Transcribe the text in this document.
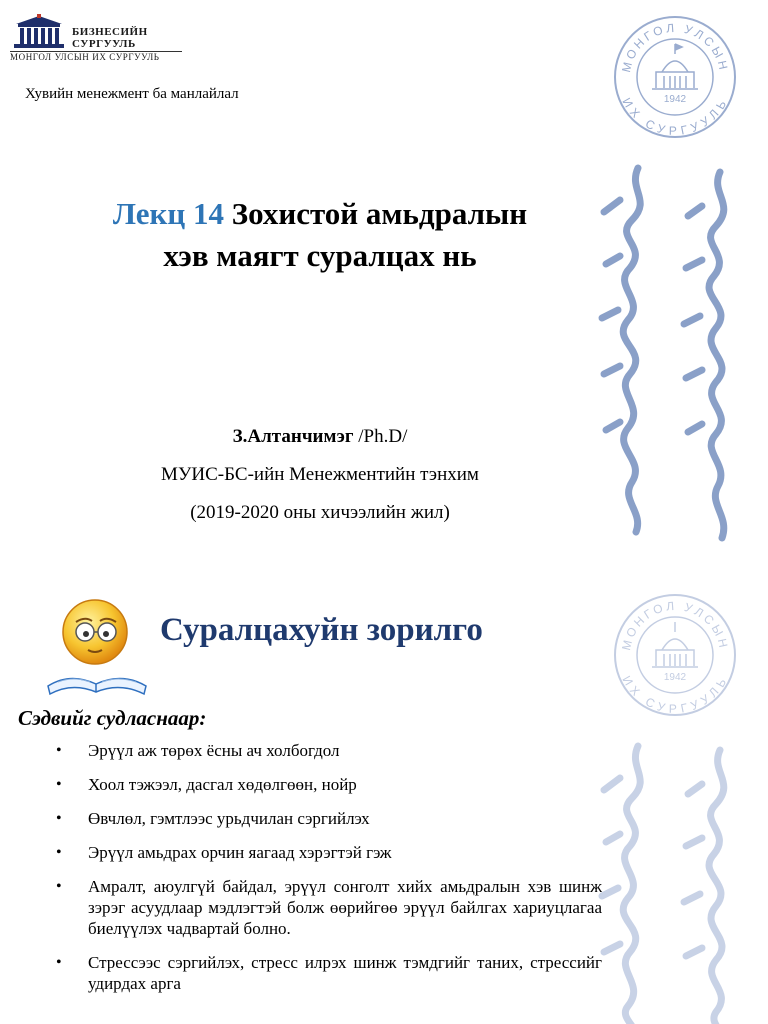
БИЗНЕСИЙН
СУРГУУЛЬ
МОНГОЛ УЛСЫН ИХ СУРГУУЛЬ
Хувийн менежмент ба манлайлал
МОНГОЛ УЛСЫН
ИХ СУРГУУЛЬ
1942
Лекц 14 Зохистой амьдралын
хэв маягт суралцах нь
З.Алтанчимэг /Ph.D/
МУИС-БС-ийн Менежментийн тэнхим
(2019-2020 оны хичээлийн жил)
Суралцахуйн зорилго	МОНГОЛ УЛСЫН
ИХ СУРГУУЛЬ
1942
Сэдвийг судласнаар:
• Эрүүл аж төрөх ёсны ач холбогдол
• Хоол тэжээл, дасгал хөдөлгөөн, нойр
• Өвчлөл, гэмтлээс урьдчилан сэргийлэх
• Эрүүл амьдрах орчин яагаад хэрэгтэй гэж
• Амралт, аюулгүй байдал, эрүүл сонголт хийх амьдралын хэв шинж зэрэг асуудлаар мэдлэгтэй болж өөрийгөө эрүүл байлгах хариуцлагаа биелүүлэх чадвартай болно.
• Стрессээс сэргийлэх, стресс илрэх шинж тэмдгийг таних, стрессийг удирдах арга
